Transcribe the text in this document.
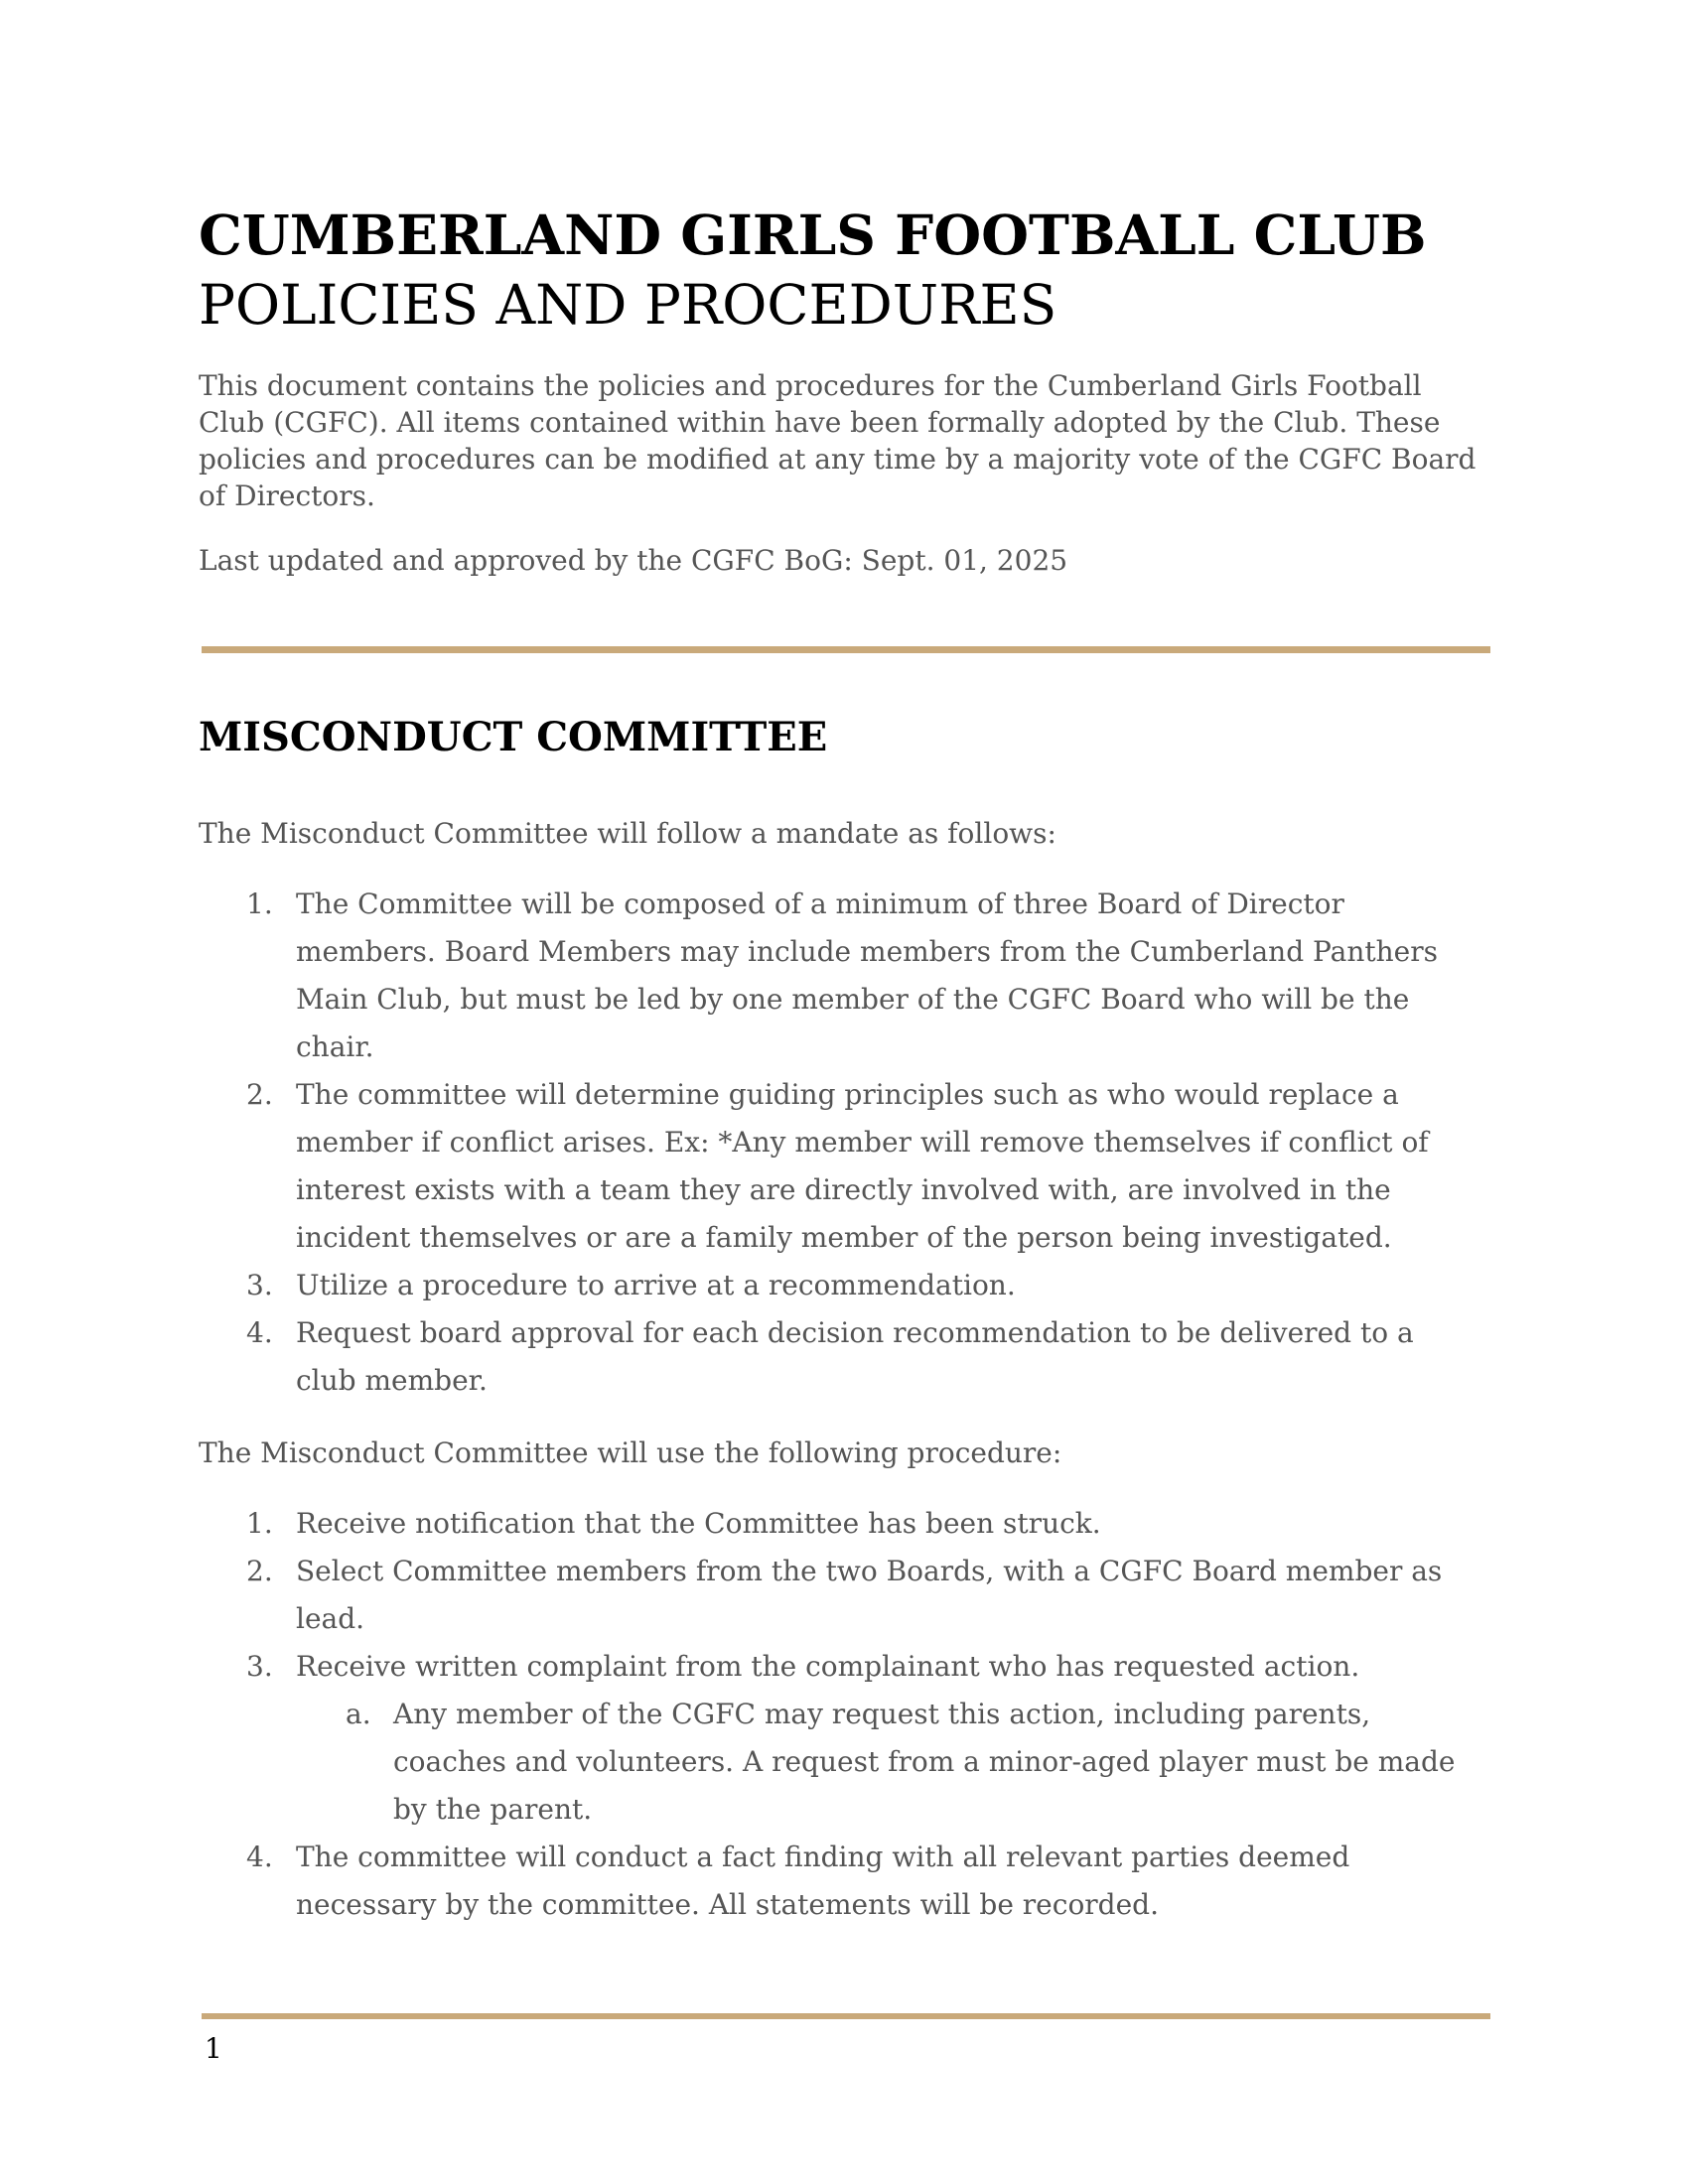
CUMBERLAND GIRLS FOOTBALL CLUB
POLICIES AND PROCEDURES

This document contains the policies and procedures for the Cumberland Girls Football Club (CGFC). All items contained within have been formally adopted by the Club. These policies and procedures can be modified at any time by a majority vote of the CGFC Board of Directors.

Last updated and approved by the CGFC BoG: Sept. 01, 2025

MISCONDUCT COMMITTEE

The Misconduct Committee will follow a mandate as follows:

1. The Committee will be composed of a minimum of three Board of Director
members. Board Members may include members from the Cumberland Panthers
Main Club, but must be led by one member of the CGFC Board who will be the
chair.
2. The committee will determine guiding principles such as who would replace a
member if conflict arises. Ex: *Any member will remove themselves if conflict of
interest exists with a team they are directly involved with, are involved in the
incident themselves or are a family member of the person being investigated.
3. Utilize a procedure to arrive at a recommendation.
4. Request board approval for each decision recommendation to be delivered to a
club member.

The Misconduct Committee will use the following procedure:

1. Receive notification that the Committee has been struck.
2. Select Committee members from the two Boards, with a CGFC Board member as
lead.
3. Receive written complaint from the complainant who has requested action.
a. Any member of the CGFC may request this action, including parents,
coaches and volunteers. A request from a minor-aged player must be made
by the parent.
4. The committee will conduct a fact finding with all relevant parties deemed
necessary by the committee. All statements will be recorded.

1
